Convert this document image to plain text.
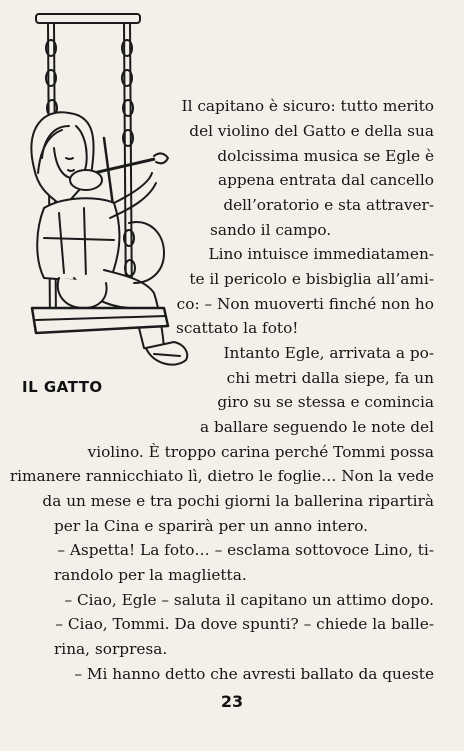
IL GATTO
Il capitano è sicuro: tutto merito
del violino del Gatto e della sua
dolcissima musica se Egle è
appena entrata dal cancello
dell’oratorio e sta attraver-
sando il campo.
Lino intuisce immediatamen-
te il pericolo e bisbiglia all’ami-
co: – Non muoverti finché non ho
scattato la foto!
Intanto Egle, arrivata a po-
chi metri dalla siepe, fa un
giro su se stessa e comincia
a ballare seguendo le note del
violino. È troppo carina perché Tommi possa
rimanere rannicchiato lì, dietro le foglie… Non la vede
da un mese e tra pochi giorni la ballerina ripartirà
per la Cina e sparirà per un anno intero.
– Aspetta! La foto… – esclama sottovoce Lino, ti-
randolo per la maglietta.
– Ciao, Egle – saluta il capitano un attimo dopo.
– Ciao, Tommi. Da dove spunti? – chiede la balle-
rina, sorpresa.
– Mi hanno detto che avresti ballato da queste
23
